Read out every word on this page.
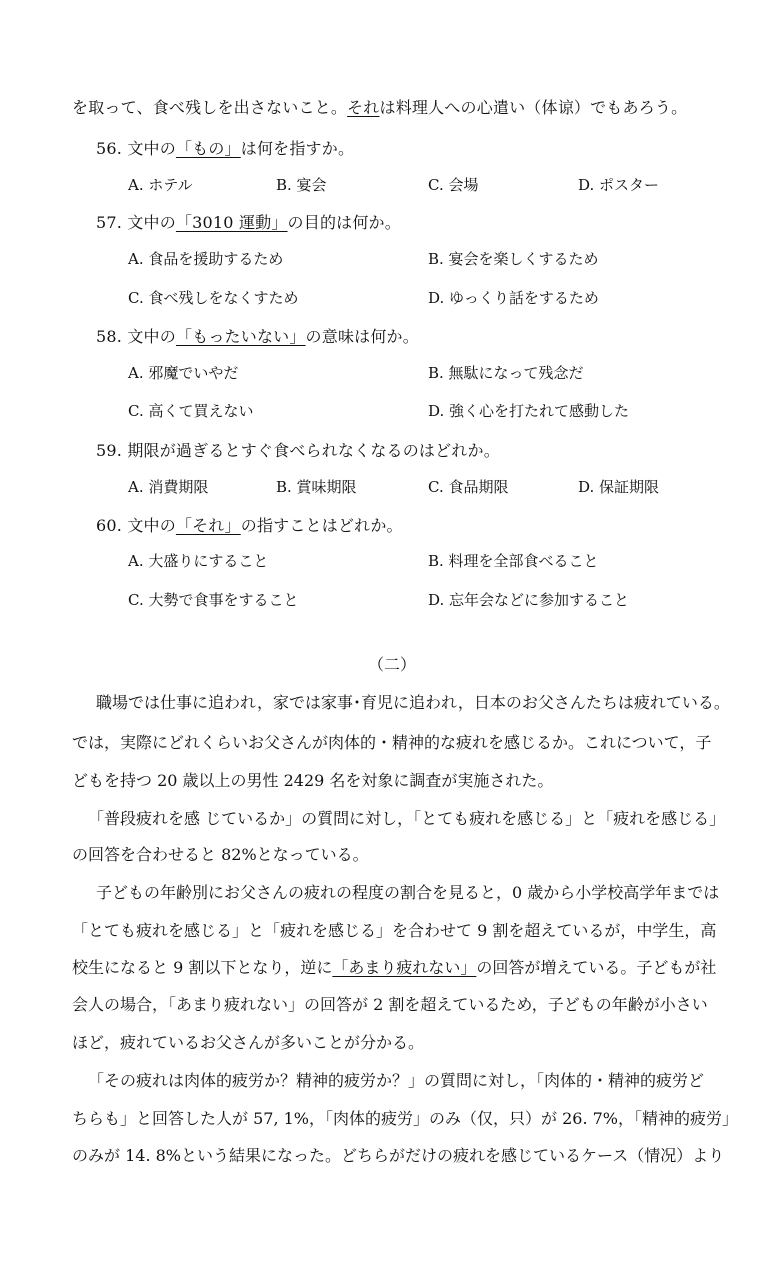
を取って、食べ残しを出さないこと。それは料理人への心遣い（体谅）でもあろう。
56. 文中の「もの」は何を指すか。
A. ホテル	B. 宴会	C. 会場	D. ポスター
57. 文中の「3010 運動」の目的は何か。
A. 食品を援助するため	B. 宴会を楽しくするため
C. 食べ残しをなくすため	D. ゆっくり話をするため
58. 文中の「もったいない」の意味は何か。
A. 邪魔でいやだ	B. 無駄になって残念だ
C. 高くて買えない	D. 強く心を打たれて感動した
59. 期限が過ぎるとすぐ食べられなくなるのはどれか。
A. 消費期限	B. 賞味期限	C. 食品期限	D. 保証期限
60. 文中の「それ」の指すことはどれか。
A. 大盛りにすること	B. 料理を全部食べること
C. 大勢で食事をすること	D. 忘年会などに参加すること
（二）
職場では仕事に追われ，家では家事･育児に追われ，日本のお父さんたちは疲れている。
では，実際にどれくらいお父さんが肉体的・精神的な疲れを感じるか。これについて，子
どもを持つ 20 歳以上の男性 2429 名を対象に調査が実施された。
「普段疲れを感 じているか」の質問に対し，「とても疲れを感じる」と「疲れを感じる」
の回答を合わせると 82%となっている。
子どもの年齢別にお父さんの疲れの程度の割合を見ると，0 歳から小学校高学年までは
「とても疲れを感じる」と「疲れを感じる」を合わせて 9 割を超えているが，中学生，高
校生になると 9 割以下となり，逆に「あまり疲れない」の回答が増えている。子どもが社
会人の場合，「あまり疲れない」の回答が 2 割を超えているため，子どもの年齢が小さい
ほど，疲れているお父さんが多いことが分かる。
「その疲れは肉体的疲労か？精神的疲労か？」の質問に対し，「肉体的・精神的疲労ど
ちらも」と回答した人が 57, 1%，「肉体的疲労」のみ（仅，只）が 26. 7%，「精神的疲労」
のみが 14. 8%という結果になった。どちらがだけの疲れを感じているケース（情况）より
